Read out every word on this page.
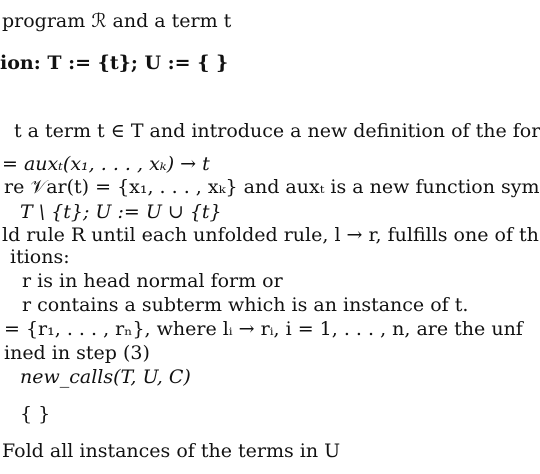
program ℛ and a term t
ion: T := {t}; U := { }
t a term t ∈ T and introduce a new definition of the for
= auxₜ(x₁, . . . , xₖ) → t
re 𝒱ar(t) = {x₁, . . . , xₖ} and auxₜ is a new function sym
T \ {t}; U := U ∪ {t}
ld rule R until each unfolded rule, l → r, fulfills one of th
itions:
r is in head normal form or
r contains a subterm which is an instance of t.
= {r₁, . . . , rₙ}, where lᵢ → rᵢ, i = 1, . . . , n, are the unf
ined in step (3)
new_calls(T, U, C)
{ }
Fold all instances of the terms in U
